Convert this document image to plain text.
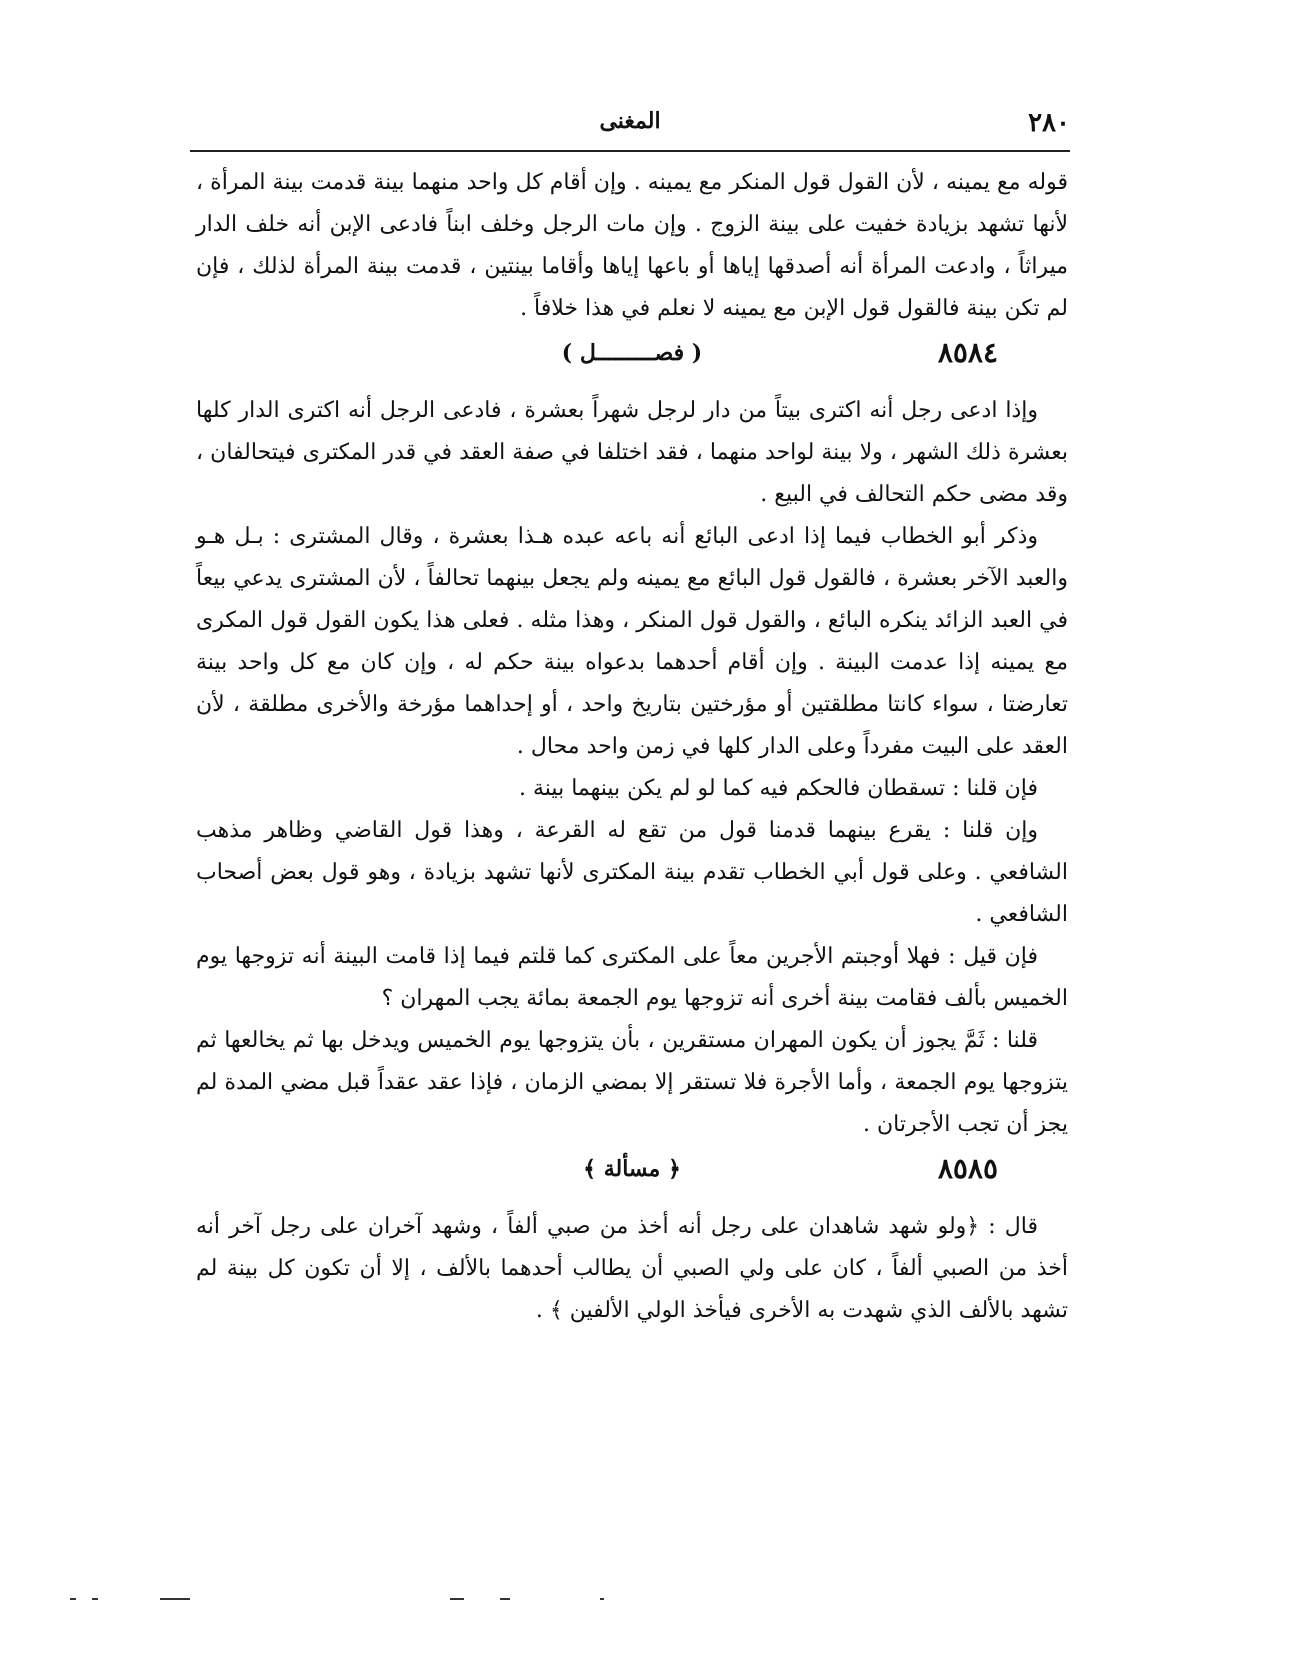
٢٨٠
المغنى

قوله مع يمينه ، لأن القول قول المنكر مع يمينه . وإن أقام كل واحد منهما بينة قدمت بينة المرأة ، لأنها تشهد بزيادة خفيت على بينة الزوج . وإن مات الرجل وخلف ابناً فادعى الإبن أنه خلف الدار ميراثاً ، وادعت المرأة أنه أصدقها إياها أو باعها إياها وأقاما بينتين ، قدمت بينة المرأة لذلك ، فإن لم تكن بينة فالقول قول الإبن مع يمينه لا نعلم في هذا خلافاً .

٨٥٨٤
( فصـــــــــل )

وإذا ادعى رجل أنه اكترى بيتاً من دار لرجل شهراً بعشرة ، فادعى الرجل أنه اكترى الدار كلها بعشرة ذلك الشهر ، ولا بينة لواحد منهما ، فقد اختلفا في صفة العقد في قدر المكترى فيتحالفان ، وقد مضى حكم التحالف في البيع .

وذكر أبو الخطاب فيما إذا ادعى البائع أنه باعه عبده هـذا بعشرة ، وقال المشترى : بـل هـو والعبد الآخر بعشرة ، فالقول قول البائع مع يمينه ولم يجعل بينهما تحالفاً ، لأن المشترى يدعي بيعاً في العبد الزائد ينكره البائع ، والقول قول المنكر ، وهذا مثله . فعلى هذا يكون القول قول المكرى مع يمينه إذا عدمت البينة . وإن أقام أحدهما بدعواه بينة حكم له ، وإن كان مع كل واحد بينة تعارضتا ، سواء كانتا مطلقتين أو مؤرختين بتاريخ واحد ، أو إحداهما مؤرخة والأخرى مطلقة ، لأن العقد على البيت مفرداً وعلى الدار كلها في زمن واحد محال .

فإن قلنا : تسقطان فالحكم فيه كما لو لم يكن بينهما بينة .

وإن قلنا : يقرع بينهما قدمنا قول من تقع له القرعة ، وهذا قول القاضي وظاهر مذهب الشافعي . وعلى قول أبي الخطاب تقدم بينة المكترى لأنها تشهد بزيادة ، وهو قول بعض أصحاب الشافعي .

فإن قيل : فهلا أوجبتم الأجرين معاً على المكترى كما قلتم فيما إذا قامت البينة أنه تزوجها يوم الخميس بألف فقامت بينة أخرى أنه تزوجها يوم الجمعة بمائة يجب المهران ؟

قلنا : ثَمَّ يجوز أن يكون المهران مستقرين ، بأن يتزوجها يوم الخميس ويدخل بها ثم يخالعها ثم يتزوجها يوم الجمعة ، وأما الأجرة فلا تستقر إلا بمضي الزمان ، فإذا عقد عقداً قبل مضي المدة لم يجز أن تجب الأجرتان .

٨٥٨٥
﴿ مسألة ﴾

قال : ﴿ولو شهد شاهدان على رجل أنه أخذ من صبي ألفاً ، وشهد آخران على رجل آخر أنه أخذ من الصبي ألفاً ، كان على ولي الصبي أن يطالب أحدهما بالألف ، إلا أن تكون كل بينة لم تشهد بالألف الذي شهدت به الأخرى فيأخذ الولي الألفين ﴾ .
